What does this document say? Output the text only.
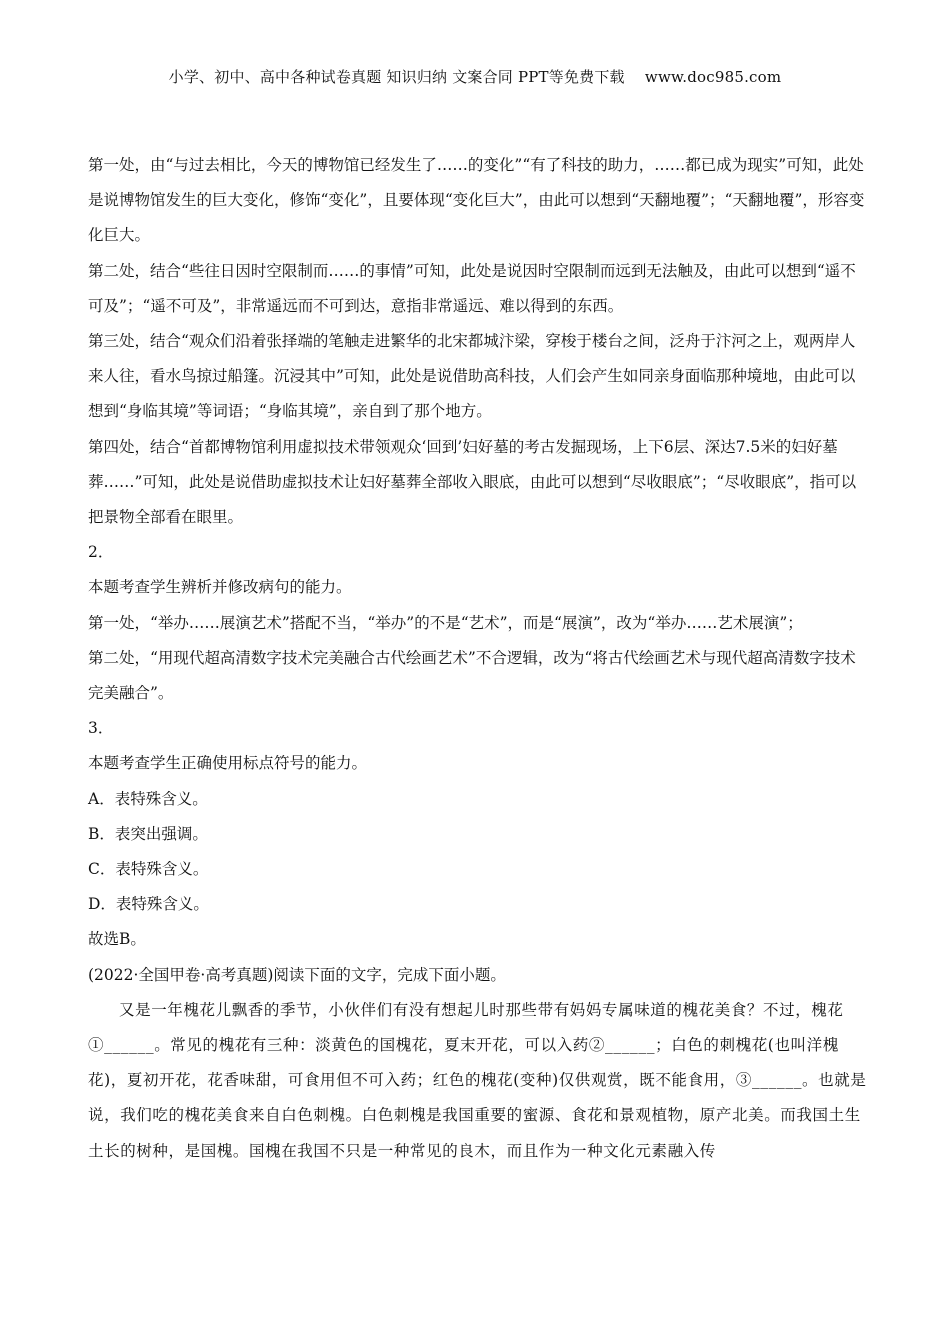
小学、初中、高中各种试卷真题 知识归纳 文案合同 PPT等免费下载　 www.doc985.com

第一处，由“与过去相比，今天的博物馆已经发生了……的变化”“有了科技的助力，……都已成为现实”可知，此处是说博物馆发生的巨大变化，修饰“变化”，且要体现“变化巨大”，由此可以想到“天翻地覆”；“天翻地覆”，形容变化巨大。

第二处，结合“些往日因时空限制而……的事情”可知，此处是说因时空限制而远到无法触及，由此可以想到“遥不可及”；“遥不可及”，非常遥远而不可到达，意指非常遥远、难以得到的东西。

第三处，结合“观众们沿着张择端的笔触走进繁华的北宋都城汴梁，穿梭于楼台之间，泛舟于汴河之上，观两岸人来人往，看水鸟掠过船篷。沉浸其中”可知，此处是说借助高科技，人们会产生如同亲身面临那种境地，由此可以想到“身临其境”等词语；“身临其境”，亲自到了那个地方。

第四处，结合“首都博物馆利用虚拟技术带领观众‘回到’妇好墓的考古发掘现场，上下6层、深达7.5米的妇好墓葬……”可知，此处是说借助虚拟技术让妇好墓葬全部收入眼底，由此可以想到“尽收眼底”；“尽收眼底”，指可以把景物全部看在眼里。

2．

本题考查学生辨析并修改病句的能力。

第一处，“举办……展演艺术”搭配不当，“举办”的不是“艺术”，而是“展演”，改为“举办……艺术展演”；

第二处，“用现代超高清数字技术完美融合古代绘画艺术”不合逻辑，改为“将古代绘画艺术与现代超高清数字技术完美融合”。

3．

本题考查学生正确使用标点符号的能力。

A．表特殊含义。

B．表突出强调。

C．表特殊含义。

D．表特殊含义。

故选B。

(2022·全国甲卷·高考真题)阅读下面的文字，完成下面小题。

又是一年槐花儿飘香的季节，小伙伴们有没有想起儿时那些带有妈妈专属味道的槐花美食？不过，槐花①______。常见的槐花有三种：淡黄色的国槐花，夏末开花，可以入药②______；白色的刺槐花(也叫洋槐花)，夏初开花，花香味甜，可食用但不可入药；红色的槐花(变种)仅供观赏，既不能食用，③______。也就是说，我们吃的槐花美食来自白色刺槐。白色刺槐是我国重要的蜜源、食花和景观植物，原产北美。而我国土生土长的树种，是国槐。国槐在我国不只是一种常见的良木，而且作为一种文化元素融入传
